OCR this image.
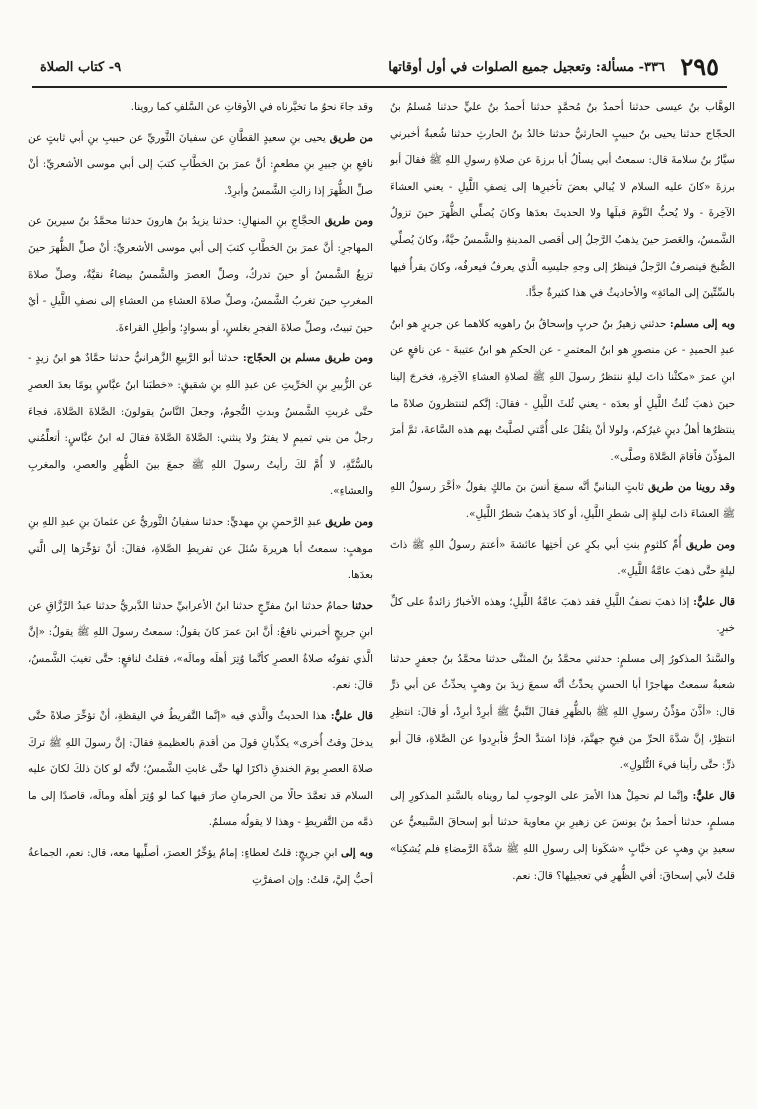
٢٩٥
٣٣٦- مسألة: وتعجيل جميع الصلوات في أول أوقاتها
٩- كتاب الصلاة

الوهَّاب بنُ عيسى حدثنا أحمدُ بنُ مُحمَّدٍ حدثنا أحمدُ بنُ عليٍّ حدثنا مُسلمُ بنُ الحجّاج حدثنا يحيى بنُ حبيبٍ الحارثيُّ حدثنا خالدُ بنُ الحارثِ حدثنا شُعبةُ أخبرني سيَّارُ بنُ سلامةَ قال: سمعتُ أبي يسألُ أبا برزةَ عن صلاةِ رسولِ اللهِ ﷺ فقالَ أبو برزةَ «كانَ عليه السلام لا يُبالي بعضَ تأخيرِها إلى نِصفِ اللَّيلِ - يعني العشاءَ الآخِرةَ - ولا يُحبُّ النَّومَ قبلَها ولا الحديثَ بعدَها وكانَ يُصلِّي الظُّهرَ حينَ تزولُ الشَّمسُ، والعَصرَ حينَ يذهبُ الرَّجلُ إلى أقصى المدينةِ والشَّمسُ حيَّةٌ، وكانَ يُصلِّي الصُّبحَ فينصرفُ الرَّجلُ فينظرُ إلى وجهِ جليسِه الَّذي يعرفُ فيعرفُه، وكانَ يقرأُ فيها بالسِّتِّينَ إلى المائةِ» والأحاديثُ في هذا كثيرةٌ جدًّا.

وبه إلى مسلم: حدثني زهيرُ بنُ حربٍ وإسحاقُ بنُ راهويه كلاهما عن جريرٍ هو ابنُ عبدِ الحميدِ - عن منصورٍ هو ابنُ المعتمرِ - عن الحكمِ هو ابنُ عتيبةَ - عن نافعٍ عن ابنِ عمرَ «مكثْنا ذاتَ ليلةٍ ننتظرُ رسولَ اللهِ ﷺ لصلاةِ العشاءِ الآخِرةِ، فخرجَ إلينا حينَ ذهبَ ثُلثُ اللَّيلِ أو بعدَه - يعني ثُلثَ اللَّيلِ - فقالَ: إنَّكم لتنتظرونَ صلاةً ما ينتظرُها أهلُ دينٍ غيرُكم، ولولا أنْ يثقُلَ على أُمَّتي لصلَّيتُ بهم هذه السَّاعةَ، ثمَّ أمرَ المؤذِّنَ فأقامَ الصَّلاةَ وصلَّى».

وقد روينا من طريق ثابتٍ البنانيِّ أنَّه سمعَ أنسَ بنَ مالكٍ يقولُ «أخَّرَ رسولُ اللهِ ﷺ العشاءَ ذاتَ ليلةٍ إلى شطرِ اللَّيلِ، أو كادَ يذهبُ شطرُ اللَّيلِ».

ومن طريق أُمِّ كلثومٍ بنتِ أبي بكرٍ عن أختِها عائشةَ «أعتمَ رسولُ اللهِ ﷺ ذاتَ ليلةٍ حتَّى ذهبَ عامَّةُ اللَّيلِ».

قال عليٌّ: إذا ذهبَ نصفُ اللَّيلِ فقد ذهبَ عامَّةُ اللَّيلِ؛ وهذه الأخبارُ زائدةٌ على كلِّ خبرٍ.

والسَّندُ المذكورُ إلى مسلمٍ: حدثني محمَّدُ بنُ المثنَّى حدثنا محمَّدُ بنُ جعفرٍ حدثنا شعبةُ سمعتُ مهاجرًا أبا الحسنِ يحدِّثُ أنَّه سمعَ زيدَ بنَ وهبٍ يحدِّثُ عن أبي ذرٍّ قال: «أذَّنَ مؤذِّنُ رسولِ اللهِ ﷺ بالظُّهرِ فقالَ النَّبيُّ ﷺ أبرِدْ أبرِدْ، أو قالَ: انتظِرِ انتظِرْ، إنَّ شدَّةَ الحرِّ من فيحِ جهنَّمَ، فإذا اشتدَّ الحرُّ فأبرِدوا عن الصَّلاةِ، قالَ أبو ذرٍّ: حتَّى رأينا فيءَ التُّلولِ».

قال عليٌّ: وإنَّما لم نحمِلْ هذا الأمرَ على الوجوبِ لما رويناه بالسَّندِ المذكورِ إلى مسلمٍ، حدثنا أحمدُ بنُ يونسَ عن زهيرِ بنِ معاويةَ حدثنا أبو إسحاقَ السَّبيعيُّ عن سعيدِ بنِ وهبٍ عن خبَّابٍ «شكَونا إلى رسولِ اللهِ ﷺ شدَّةَ الرَّمضاءِ فلم يُشكِنا» قلتُ لأبي إسحاقَ: أفي الظُّهرِ في تعجيلِها؟ قالَ: نعم.

وقد جاءَ نحوُ ما تخيَّرناه في الأوقاتِ عن السَّلفِ كما روينا.

من طريق يحيى بنِ سعيدٍ القطَّانِ عن سفيانَ الثَّوريِّ عن حبيبِ بنِ أبي ثابتٍ عن نافعِ بنِ جبيرِ بنِ مطعمٍ: أنَّ عمرَ بنَ الخطَّابِ كتبَ إلى أبي موسى الأشعريِّ: أنْ صلِّ الظُّهرَ إذا زالتِ الشَّمسُ وأبرِدْ.

ومن طريق الحجَّاجِ بنِ المنهالِ: حدثنا يزيدُ بنُ هارونَ حدثنا محمَّدُ بنُ سيرينَ عن المهاجرِ: أنَّ عمرَ بنَ الخطَّابِ كتبَ إلى أبي موسى الأشعريِّ: أنْ صلِّ الظُّهرَ حينَ تزيغُ الشَّمسُ أو حينَ تدركُ، وصلِّ العصرَ والشَّمسُ بيضاءُ نقيَّةٌ، وصلِّ صلاةَ المغربِ حينَ تغربُ الشَّمسُ، وصلِّ صلاةَ العشاءِ من العشاءِ إلى نصفِ اللَّيلِ - أيْ حينَ تبيتُ، وصلِّ صلاةَ الفجرِ بغلسٍ، أو بسوادٍ؛ وأطِلِ القراءةَ.

ومن طريق مسلم بن الحجّاج: حدثنا أبو الرَّبيعِ الزَّهرانيُّ حدثنا حمَّادٌ هو ابنُ زيدٍ - عن الزُّبيرِ بنِ الخرِّيتِ عن عبدِ اللهِ بنِ شقيقٍ: «خطبَنا ابنُ عبَّاسٍ يومًا بعدَ العصرِ حتَّى غربتِ الشَّمسُ وبدتِ النُّجومُ، وجعلَ النَّاسُ يقولونَ: الصَّلاةَ الصَّلاةَ، فجاءَ رجلٌ من بني تميمٍ لا يفترُ ولا ينثني: الصَّلاةَ الصَّلاةَ فقالَ له ابنُ عبَّاسٍ: أتعلِّمُني بالسُّنَّةِ، لا أُمَّ لكَ رأيتُ رسولَ اللهِ ﷺ جمعَ بينَ الظُّهرِ والعصرِ، والمغربِ والعشاءِ».

ومن طريق عبدِ الرَّحمنِ بنِ مهديٍّ: حدثنا سفيانُ الثَّوريُّ عن عثمانَ بنِ عبدِ اللهِ بنِ موهبٍ: سمعتُ أبا هريرةَ سُئلَ عن تفريطِ الصَّلاةِ، فقالَ: أنْ تؤخِّرَها إلى الَّتي بعدَها.

حدثنا حمامٌ حدثنا ابنُ مفرِّجٍ حدثنا ابنُ الأعرابيِّ حدثنا الدَّبريُّ حدثنا عبدُ الرَّزَّاقِ عن ابنِ جريجٍ أخبرني نافعٌ: أنَّ ابنَ عمرَ كانَ يقولُ: سمعتُ رسولَ اللهِ ﷺ يقولُ: «إنَّ الَّذي تفوتُه صلاةُ العصرِ كأنَّما وُتِرَ أهلَه ومالَه»، فقلتُ لنافعٍ: حتَّى تغيبَ الشَّمسُ، قالَ: نعم.

قال عليٌّ: هذا الحديثُ والَّذي فيه «إنَّما التَّفريطُ في اليقظةِ، أنْ تؤخِّرَ صلاةً حتَّى يدخلَ وقتُ أُخرى» يكذِّبانِ قولَ من أقدمَ بالعظيمةِ فقالَ: إنَّ رسولَ اللهِ ﷺ تركَ صلاةَ العصرِ يومَ الخندقِ ذاكرًا لها حتَّى غابتِ الشَّمسُ؛ لأنَّه لو كانَ ذلكَ لكانَ عليه السلام قد تعمَّدَ حالًا من الحرمانِ صارَ فيها كما لو وُتِرَ أهلَه ومالَه، قاصدًا إلى ما ذمَّه من التَّفريطِ - وهذا لا يقولُه مسلمٌ.

وبه إلى ابنِ جريجٍ: قلتُ لعطاءٍ: إمامٌ يؤخِّرُ العصرَ، أصلِّيها معه، قال: نعم، الجماعةُ أحبُّ إليَّ، قلتُ: وإن اصفرَّتِ
